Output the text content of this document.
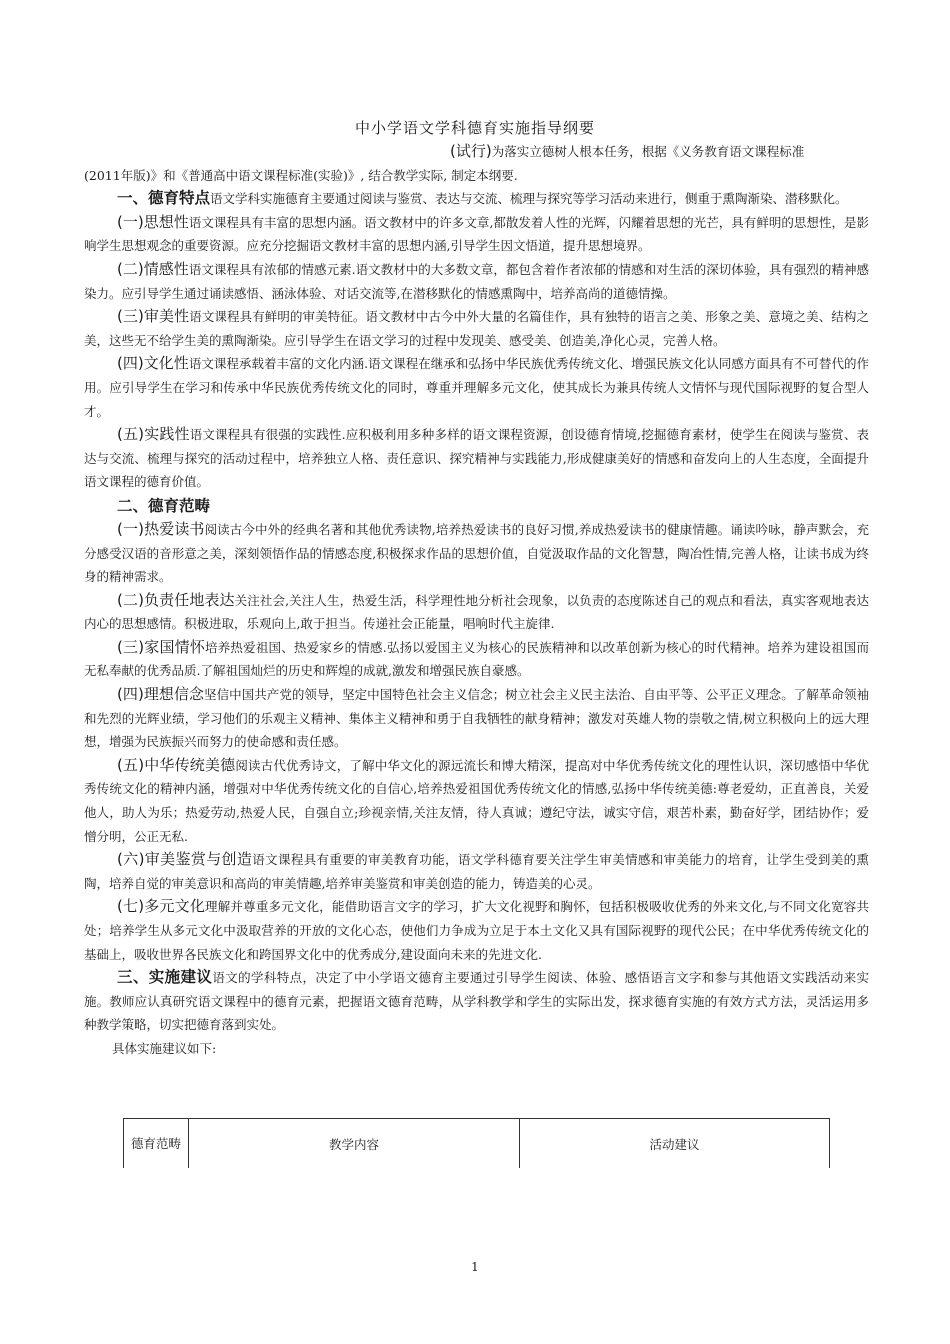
中小学语文学科德育实施指导纲要
(试行)为落实立德树人根本任务，根据《义务教育语文课程标准
(2011年版)》和《普通高中语文课程标准(实验)》, 结合教学实际, 制定本纲要.
一、德育特点语文学科实施德育主要通过阅读与鉴赏、表达与交流、梳理与探究等学习活动来进行，侧重于熏陶渐染、潜移默化。
(一)思想性语文课程具有丰富的思想内涵。语文教材中的许多文章,都散发着人性的光辉，闪耀着思想的光芒，具有鲜明的思想性，是影响学生思想观念的重要资源。应充分挖掘语文教材丰富的思想内涵,引导学生因文悟道，提升思想境界。
(二)情感性语文课程具有浓郁的情感元素.语文教材中的大多数文章，都包含着作者浓郁的情感和对生活的深切体验，具有强烈的精神感染力。应引导学生通过诵读感悟、涵泳体验、对话交流等,在潜移默化的情感熏陶中，培养高尚的道德情操。
(三)审美性语文课程具有鲜明的审美特征。语文教材中古今中外大量的名篇佳作，具有独特的语言之美、形象之美、意境之美、结构之美，这些无不给学生美的熏陶渐染。应引导学生在语文学习的过程中发现美、感受美、创造美,净化心灵，完善人格。
(四)文化性语文课程承载着丰富的文化内涵.语文课程在继承和弘扬中华民族优秀传统文化、增强民族文化认同感方面具有不可替代的作用。应引导学生在学习和传承中华民族优秀传统文化的同时，尊重并理解多元文化，使其成长为兼具传统人文情怀与现代国际视野的复合型人才。
(五)实践性语文课程具有很强的实践性.应积极利用多种多样的语文课程资源，创设德育情境,挖掘德育素材，使学生在阅读与鉴赏、表达与交流、梳理与探究的活动过程中，培养独立人格、责任意识、探究精神与实践能力,形成健康美好的情感和奋发向上的人生态度，全面提升语文课程的德育价值。
二、德育范畴
(一)热爱读书阅读古今中外的经典名著和其他优秀读物,培养热爱读书的良好习惯,养成热爱读书的健康情趣。诵读吟咏，静声默会，充分感受汉语的音形意之美，深刻领悟作品的情感态度,积极探求作品的思想价值，自觉汲取作品的文化智慧，陶冶性情,完善人格，让读书成为终身的精神需求。
(二)负责任地表达关注社会,关注人生，热爱生活，科学理性地分析社会现象，以负责的态度陈述自己的观点和看法，真实客观地表达内心的思想感情。积极进取，乐观向上,敢于担当。传递社会正能量，唱响时代主旋律.
(三)家国情怀培养热爱祖国、热爱家乡的情感.弘扬以爱国主义为核心的民族精神和以改革创新为核心的时代精神。培养为建设祖国而无私奉献的优秀品质.了解祖国灿烂的历史和辉煌的成就,激发和增强民族自豪感。
(四)理想信念坚信中国共产党的领导，坚定中国特色社会主义信念；树立社会主义民主法治、自由平等、公平正义理念。了解革命领袖和先烈的光辉业绩，学习他们的乐观主义精神、集体主义精神和勇于自我牺牲的献身精神；激发对英雄人物的崇敬之情,树立积极向上的远大理想，增强为民族振兴而努力的使命感和责任感。
(五)中华传统美德阅读古代优秀诗文，了解中华文化的源远流长和博大精深，提高对中华优秀传统文化的理性认识，深切感悟中华优秀传统文化的精神内涵，增强对中华优秀传统文化的自信心,培养热爱祖国优秀传统文化的情感,弘扬中华传统美德:尊老爱幼，正直善良，关爱他人，助人为乐；热爱劳动,热爱人民，自强自立;珍视亲情,关注友情，待人真诚；遵纪守法，诚实守信，艰苦朴素，勤奋好学，团结协作；爱憎分明，公正无私.
(六)审美鉴赏与创造语文课程具有重要的审美教育功能，语文学科德育要关注学生审美情感和审美能力的培育，让学生受到美的熏陶，培养自觉的审美意识和高尚的审美情趣,培养审美鉴赏和审美创造的能力，铸造美的心灵。
(七)多元文化理解并尊重多元文化，能借助语言文字的学习，扩大文化视野和胸怀，包括积极吸收优秀的外来文化,与不同文化宽容共处；培养学生从多元文化中汲取营养的开放的文化心态，使他们力争成为立足于本土文化又具有国际视野的现代公民；在中华优秀传统文化的基础上，吸收世界各民族文化和跨国界文化中的优秀成分,建设面向未来的先进文化.
三、实施建议语文的学科特点，决定了中小学语文德育主要通过引导学生阅读、体验、感悟语言文字和参与其他语文实践活动来实施。教师应认真研究语文课程中的德育元素，把握语文德育范畴，从学科教学和学生的实际出发，探求德育实施的有效方式方法，灵活运用多种教学策略，切实把德育落到实处。
具体实施建议如下:
德育范畴	教学内容	活动建议
1
